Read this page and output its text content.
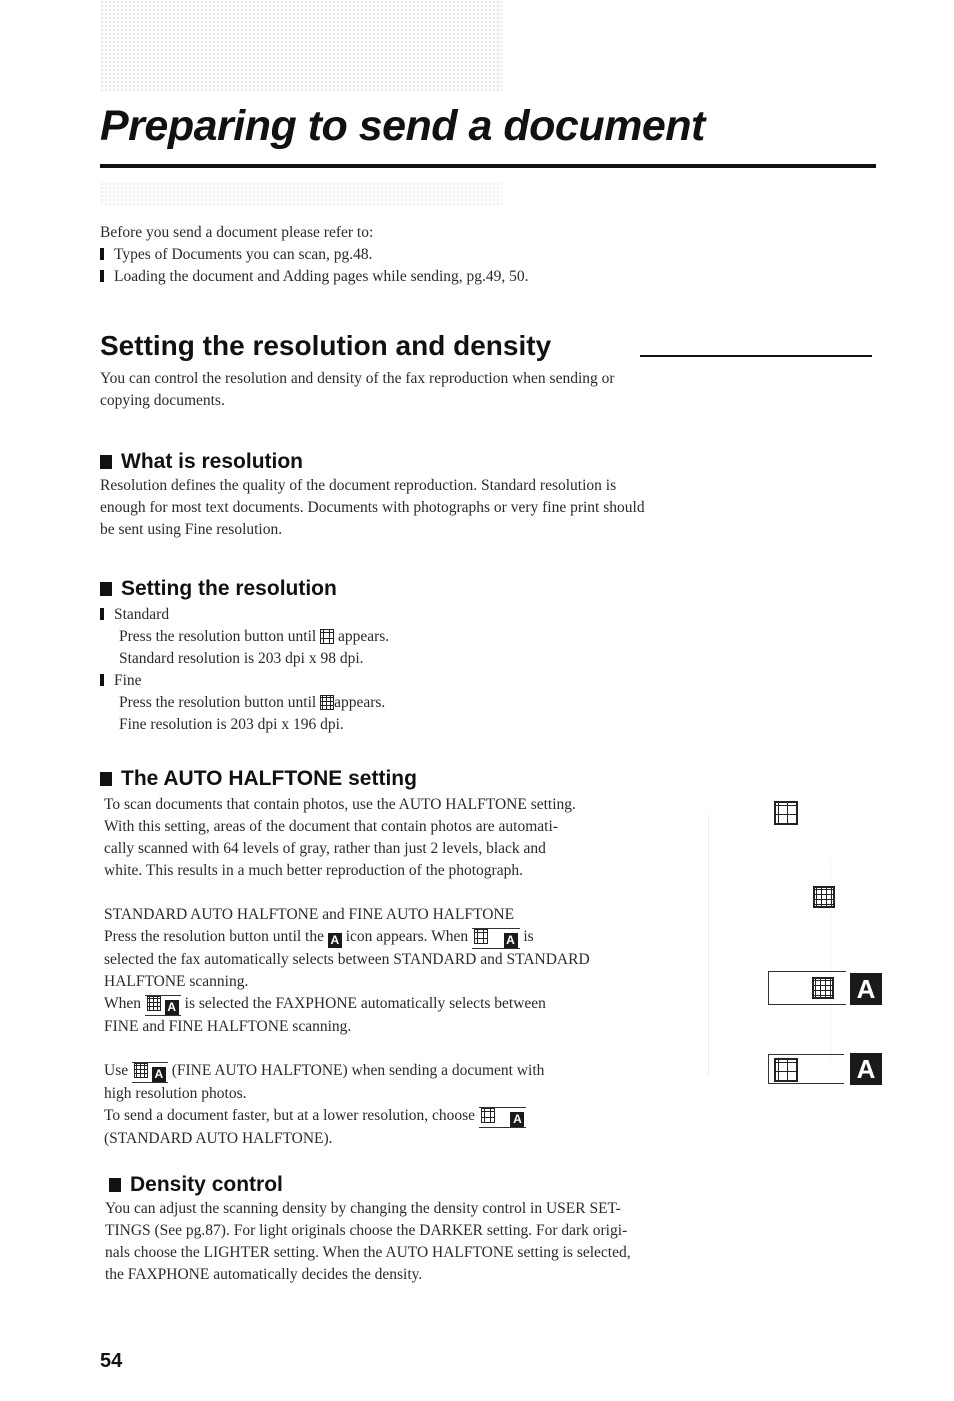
Preparing to send a document

Before you send a document please refer to:

Types of Documents you can scan, pg.48.

Loading the document and Adding pages while sending, pg.49, 50.

Setting the resolution and density
You can control the resolution and density of the fax reproduction when sending or
copying documents.
What is resolution
Resolution defines the quality of the document reproduction. Standard resolution is
enough for most text documents. Documents with photographs or very fine print should
be sent using Fine resolution.
Setting the resolution

Standard

Press the resolution button until appears.

Standard resolution is 203 dpi x 98 dpi.

Fine

Press the resolution button until appears.

Fine resolution is 203 dpi x 196 dpi.

The AUTO HALFTONE setting
To scan documents that contain photos, use the AUTO HALFTONE setting.
With this setting, areas of the document that contain photos are automati-
cally scanned with 64 levels of gray, rather than just 2 levels, black and
white. This results in a much better reproduction of the photograph.
STANDARD AUTO HALFTONE and FINE AUTO HALFTONE
Press the resolution button until the A icon appears. When	A is
selected the fax automatically selects between STANDARD and STANDARD
HALFTONE scanning.
When A is selected the FAXPHONE automatically selects between
FINE and FINE HALFTONE scanning.
Use A (FINE AUTO HALFTONE) when sending a document with
high resolution photos.
To send a document faster, but at a lower resolution, choose	A
(STANDARD AUTO HALFTONE).
A
A
Density control
You can adjust the scanning density by changing the density control in USER SET-
TINGS (See pg.87). For light originals choose the DARKER setting. For dark origi-
nals choose the LIGHTER setting. When the AUTO HALFTONE setting is selected,
the FAXPHONE automatically decides the density.

54
